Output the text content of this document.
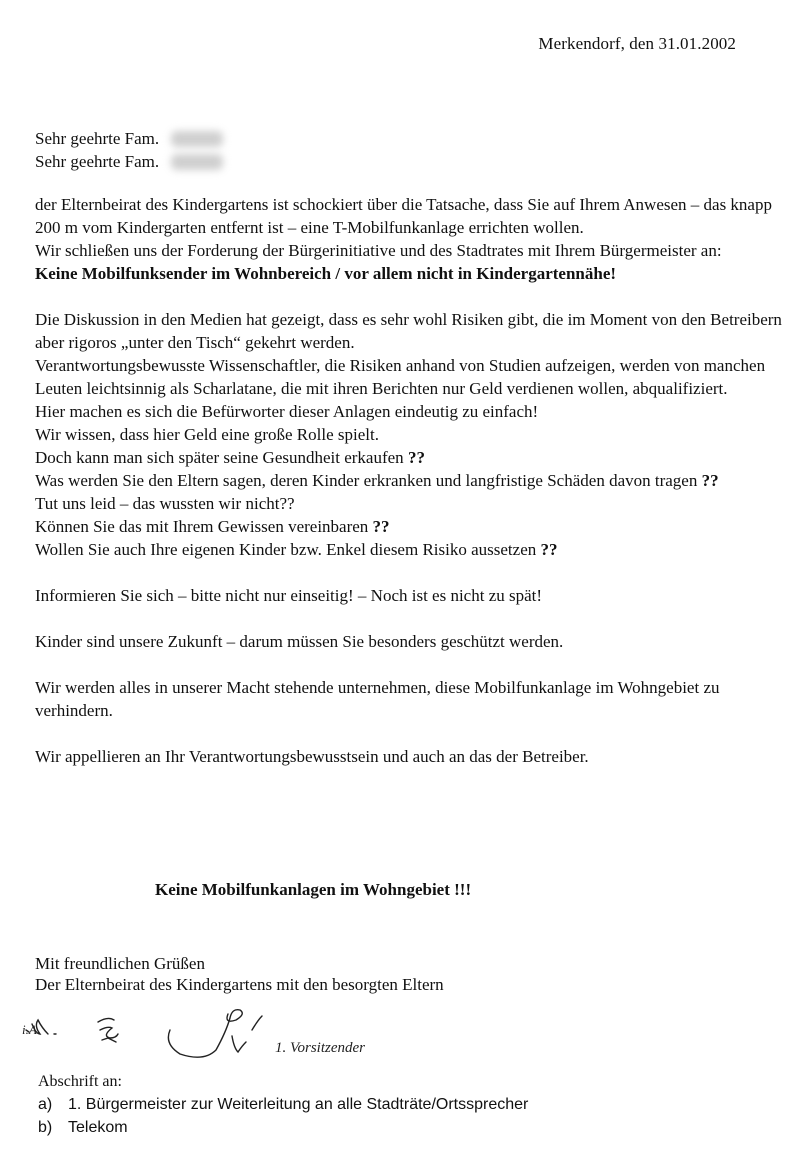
Merkendorf, den 31.01.2002
Sehr geehrte Fam.
Sehr geehrte Fam.

der Elternbeirat des Kindergartens ist schockiert über die Tatsache, dass Sie auf Ihrem Anwesen – das knapp 200 m vom Kindergarten entfernt ist – eine T-Mobilfunkanlage errichten wollen.

Wir schließen uns der Forderung der Bürgerinitiative und des Stadtrates mit Ihrem Bürgermeister an:

Keine Mobilfunksender im Wohnbereich / vor allem nicht in Kindergartennähe!

Die Diskussion in den Medien hat gezeigt, dass es sehr wohl Risiken gibt, die im Moment von den Betreibern aber rigoros „unter den Tisch“ gekehrt werden.

Verantwortungsbewusste Wissenschaftler, die Risiken anhand von Studien aufzeigen, werden von manchen Leuten leichtsinnig als Scharlatane, die mit ihren Berichten nur Geld verdienen wollen, abqualifiziert.

Hier machen es sich die Befürworter dieser Anlagen eindeutig zu einfach!

Wir wissen, dass hier Geld eine große Rolle spielt.

Doch kann man sich später seine Gesundheit erkaufen ??

Was werden Sie den Eltern sagen, deren Kinder erkranken und langfristige Schäden davon tragen ??

Tut uns leid – das wussten wir nicht??

Können Sie das mit Ihrem Gewissen vereinbaren ??

Wollen Sie auch Ihre eigenen Kinder bzw. Enkel diesem Risiko aussetzen ??

Informieren Sie sich – bitte nicht nur einseitig! – Noch ist es nicht zu spät!

Kinder sind unsere Zukunft – darum müssen Sie besonders geschützt werden.

Wir werden alles in unserer Macht stehende unternehmen, diese Mobilfunkanlage im Wohngebiet zu verhindern.

Wir appellieren an Ihr Verantwortungsbewusstsein und auch an das der Betreiber.

Keine Mobilfunkanlagen im Wohngebiet !!!
Mit freundlichen Grüßen
Der Elternbeirat des Kindergartens mit den besorgten Eltern
i.A.
1. Vorsitzender
Abschrift an:
a) 1. Bürgermeister zur Weiterleitung an alle Stadträte/Ortssprecher
b) Telekom
